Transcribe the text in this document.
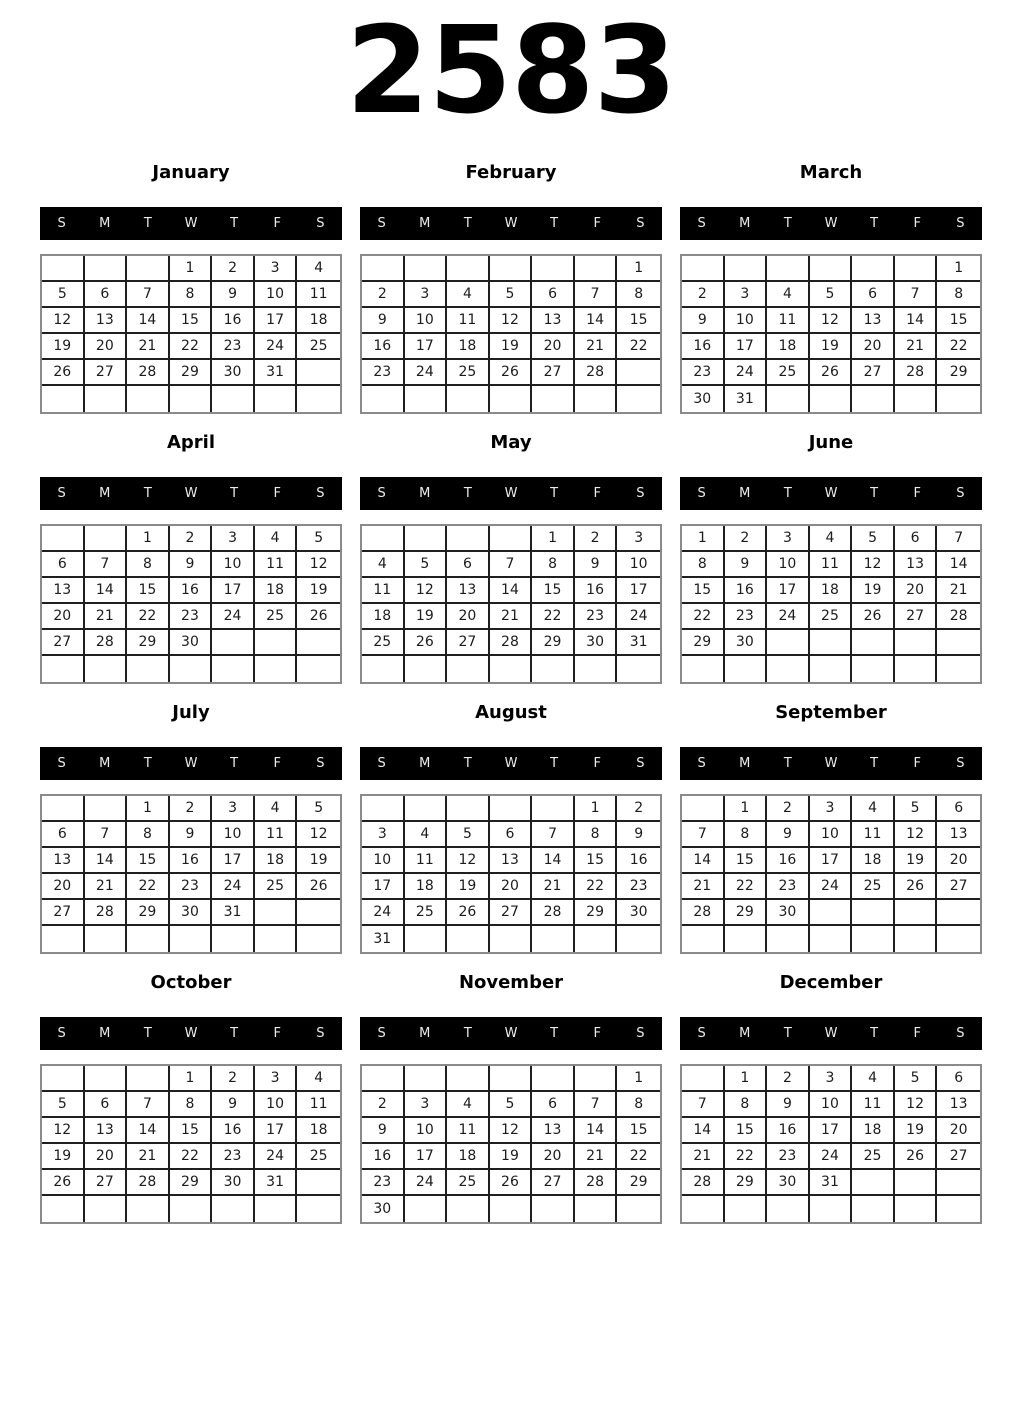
2583
January
S	M	T	W	T	F	S
			1	2	3	4
5	6	7	8	9	10	11
12	13	14	15	16	17	18
19	20	21	22	23	24	25
26	27	28	29	30	31	

February
S	M	T	W	T	F	S
						1
2	3	4	5	6	7	8
9	10	11	12	13	14	15
16	17	18	19	20	21	22
23	24	25	26	27	28	

March
S	M	T	W	T	F	S
						1
2	3	4	5	6	7	8
9	10	11	12	13	14	15
16	17	18	19	20	21	22
23	24	25	26	27	28	29
30	31					
April
S	M	T	W	T	F	S
		1	2	3	4	5
6	7	8	9	10	11	12
13	14	15	16	17	18	19
20	21	22	23	24	25	26
27	28	29	30			

May
S	M	T	W	T	F	S
				1	2	3
4	5	6	7	8	9	10
11	12	13	14	15	16	17
18	19	20	21	22	23	24
25	26	27	28	29	30	31

June
S	M	T	W	T	F	S
1	2	3	4	5	6	7
8	9	10	11	12	13	14
15	16	17	18	19	20	21
22	23	24	25	26	27	28
29	30					

July
S	M	T	W	T	F	S
		1	2	3	4	5
6	7	8	9	10	11	12
13	14	15	16	17	18	19
20	21	22	23	24	25	26
27	28	29	30	31		

August
S	M	T	W	T	F	S
					1	2
3	4	5	6	7	8	9
10	11	12	13	14	15	16
17	18	19	20	21	22	23
24	25	26	27	28	29	30
31						
September
S	M	T	W	T	F	S
	1	2	3	4	5	6
7	8	9	10	11	12	13
14	15	16	17	18	19	20
21	22	23	24	25	26	27
28	29	30				

October
S	M	T	W	T	F	S
			1	2	3	4
5	6	7	8	9	10	11
12	13	14	15	16	17	18
19	20	21	22	23	24	25
26	27	28	29	30	31	

November
S	M	T	W	T	F	S
						1
2	3	4	5	6	7	8
9	10	11	12	13	14	15
16	17	18	19	20	21	22
23	24	25	26	27	28	29
30						
December
S	M	T	W	T	F	S
	1	2	3	4	5	6
7	8	9	10	11	12	13
14	15	16	17	18	19	20
21	22	23	24	25	26	27
28	29	30	31			
